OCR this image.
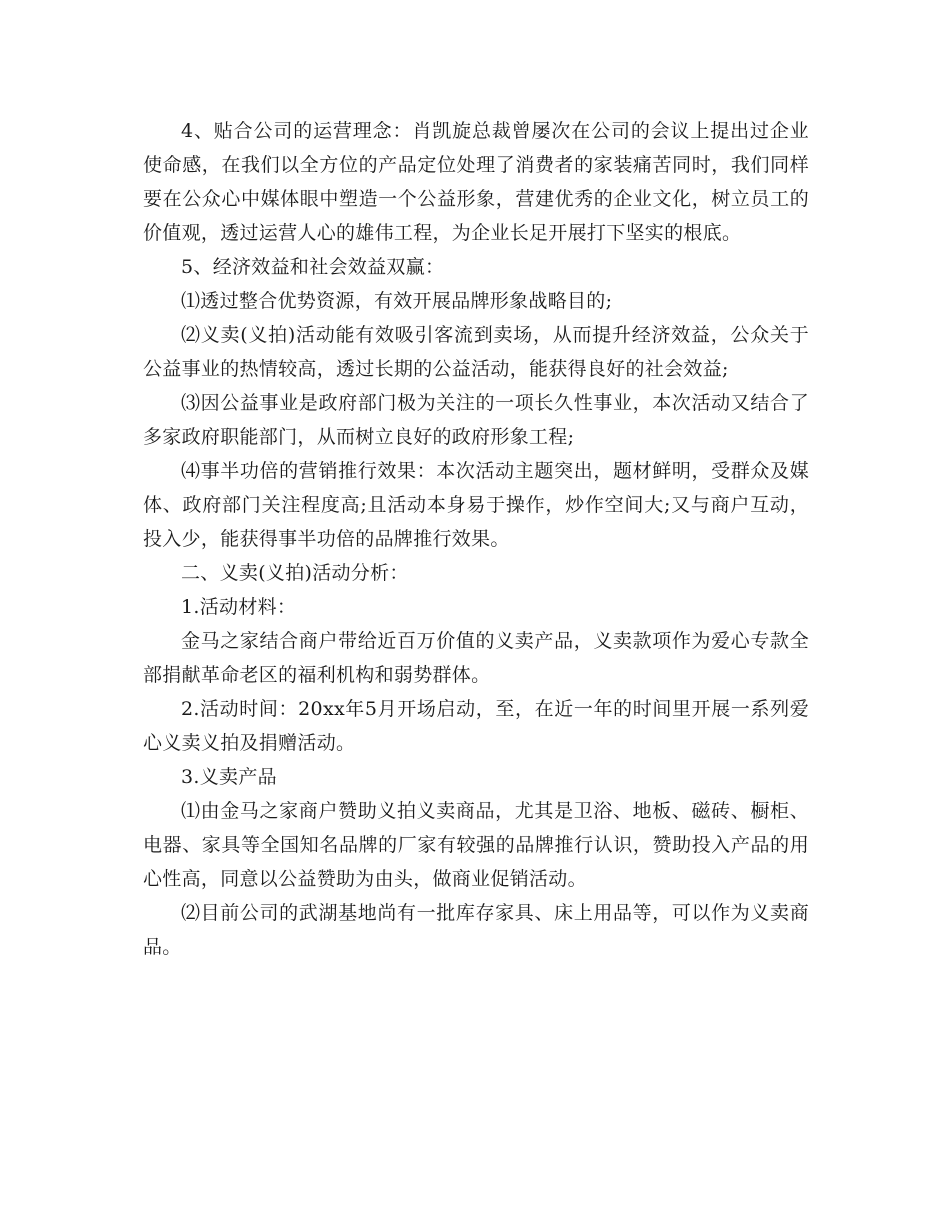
4、贴合公司的运营理念：肖凯旋总裁曾屡次在公司的会议上提出过企业使命感，在我们以全方位的产品定位处理了消费者的家装痛苦同时，我们同样要在公众心中媒体眼中塑造一个公益形象，营建优秀的企业文化，树立员工的价值观，透过运营人心的雄伟工程，为企业长足开展打下坚实的根底。

5、经济效益和社会效益双赢：

⑴透过整合优势资源，有效开展品牌形象战略目的;

⑵义卖(义拍)活动能有效吸引客流到卖场，从而提升经济效益，公众关于公益事业的热情较高，透过长期的公益活动，能获得良好的社会效益;

⑶因公益事业是政府部门极为关注的一项长久性事业，本次活动又结合了多家政府职能部门，从而树立良好的政府形象工程;

⑷事半功倍的营销推行效果：本次活动主题突出，题材鲜明，受群众及媒体、政府部门关注程度高;且活动本身易于操作，炒作空间大;又与商户互动，投入少，能获得事半功倍的品牌推行效果。

二、义卖(义拍)活动分析：

1.活动材料：

金马之家结合商户带给近百万价值的义卖产品，义卖款项作为爱心专款全部捐献革命老区的福利机构和弱势群体。

2.活动时间：20xx年5月开场启动，至，在近一年的时间里开展一系列爱心义卖义拍及捐赠活动。

3.义卖产品

⑴由金马之家商户赞助义拍义卖商品，尤其是卫浴、地板、磁砖、橱柜、电器、家具等全国知名品牌的厂家有较强的品牌推行认识，赞助投入产品的用心性高，同意以公益赞助为由头，做商业促销活动。

⑵目前公司的武湖基地尚有一批库存家具、床上用品等，可以作为义卖商品。
